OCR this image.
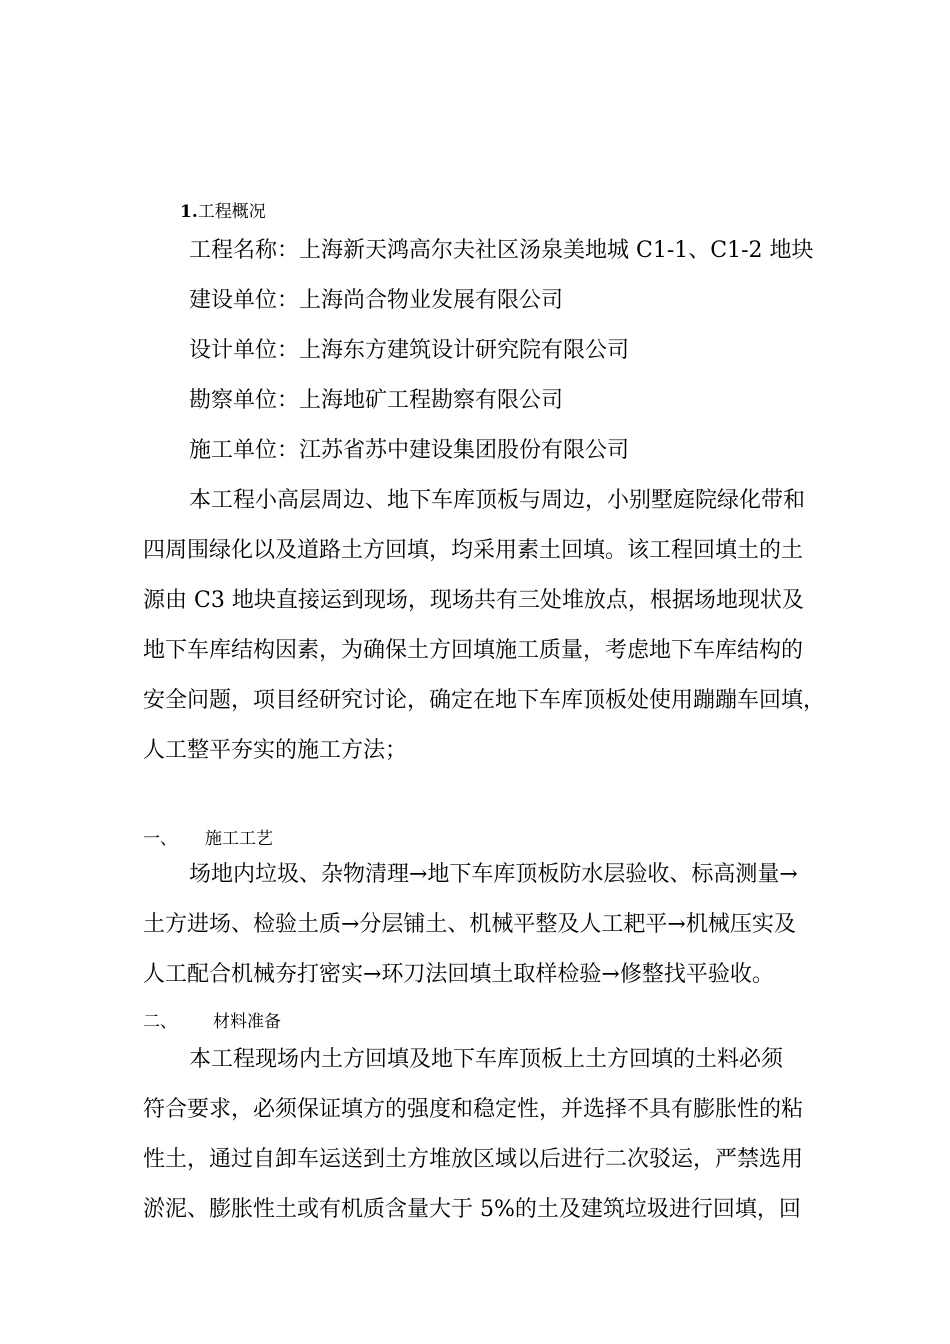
1.工程概况
工程名称：上海新天鸿高尔夫社区汤泉美地城 C1-1、C1-2 地块
建设单位：上海尚合物业发展有限公司
设计单位：上海东方建筑设计研究院有限公司
勘察单位：上海地矿工程勘察有限公司
施工单位：江苏省苏中建设集团股份有限公司
本工程小高层周边、地下车库顶板与周边，小别墅庭院绿化带和
四周围绿化以及道路土方回填，均采用素土回填。该工程回填土的土
源由 C3 地块直接运到现场，现场共有三处堆放点，根据场地现状及
地下车库结构因素，为确保土方回填施工质量，考虑地下车库结构的
安全问题，项目经研究讨论，确定在地下车库顶板处使用蹦蹦车回填，
人工整平夯实的施工方法；
一、 施工工艺
场地内垃圾、杂物清理→地下车库顶板防水层验收、标高测量→
土方进场、检验土质→分层铺土、机械平整及人工耙平→机械压实及
人工配合机械夯打密实→环刀法回填土取样检验→修整找平验收。
二、 材料准备
本工程现场内土方回填及地下车库顶板上土方回填的土料必须
符合要求，必须保证填方的强度和稳定性，并选择不具有膨胀性的粘
性土，通过自卸车运送到土方堆放区域以后进行二次驳运，严禁选用
淤泥、膨胀性土或有机质含量大于 5%的土及建筑垃圾进行回填，回
